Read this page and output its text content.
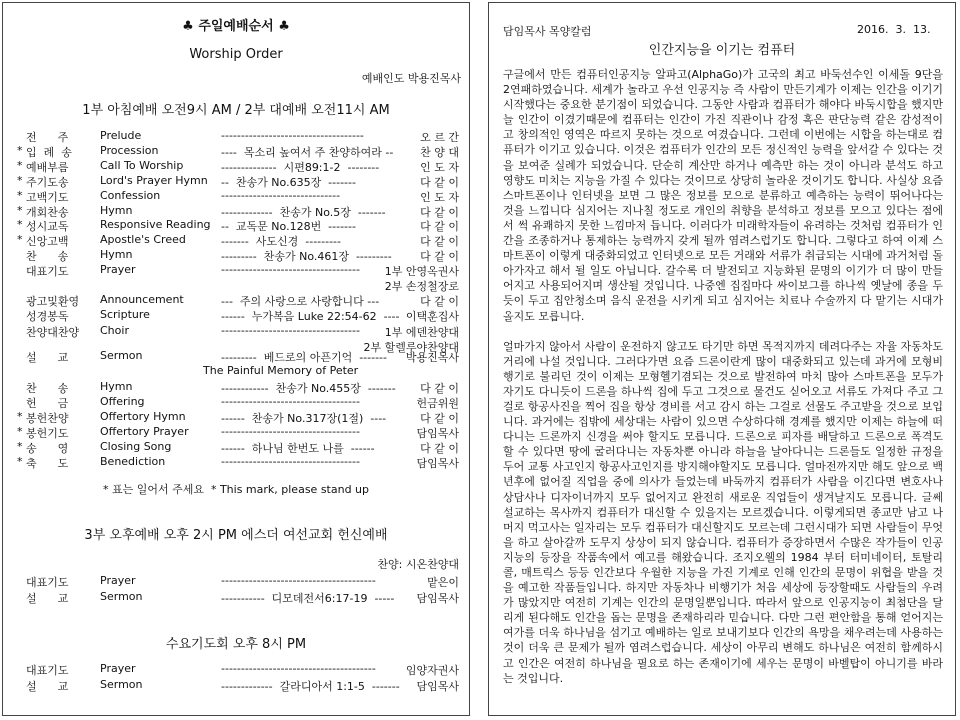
♣ 주일예배순서 ♣
Worship Order
예배인도 박용진목사
1부 아침예배 오전9시 AM / 2부 대예배 오전11시 AM
전      주	Prelude	------------------------------------	오 르 간
* 입  례  송	Procession	----  목소리 높여서 주 찬양하여라 -- 찬 양 대
* 예배부름	Call To Worship	--------------  시편89:1-2  --------	인 도 자
* 주기도송	Lord's Prayer Hymn --  찬송가 No.635장  -------	다 같 이
* 고백기도	Confession	------------------------------	인 도 자
* 개회찬송	Hymn	-------------  찬송가 No.5장  -------	다 같 이
* 성시교독	Responsive Reading --  교독문 No.128번  -------	다 같 이
* 신앙고백	Apostle's Creed	-------  사도신경  ---------	다 같 이
찬      송	Hymn	---------  찬송가 No.461장  ---------	다 같 이
대표기도	Prayer	----------------------------------- 1부 안영옥권사
2부 손정철장로
광고및환영 Announcement	---  주의 사랑으로 사랑합니다 ---	다 같 이
성경봉독	Scripture	------  누가복음 Luke 22:54-62  ---- 이택훈집사
찬양대찬양 Choir	----------------------------------- 1부 에덴찬양대
2부 할렐루야찬양대
설      교	Sermon	---------  베드로의 아픈기억  ------- 박용진목사
The Painful Memory of Peter
찬      송	Hymn	------------  찬송가 No.455장  ------- 다 같 이
헌      금	Offering	-----------------------------------	헌금위원
* 봉헌찬양	Offertory Hymn	------  찬송가 No.317장(1절)  ----	다 같 이
* 봉헌기도	Offertory Prayer	-----------------------------------	담임목사
* 송      영	Closing Song	------  하나님 한번도 나를  ------	다 같 이
* 축      도	Benediction	-----------------------------------	담임목사
* 표는 일어서 주세요  * This mark, please stand up
3부 오후예배 오후 2시 PM 에스더 여선교회 헌신예배
찬양: 시온찬양대
대표기도	Prayer	---------------------------------------	맡은이
설      교	Sermon	-----------  디모데전서6:17-19  ----- 담임목사
수요기도회 오후 8시 PM
대표기도	Prayer	---------------------------------------	임양자권사
설      교	Sermon	-------------  갈라디아서 1:1-5  ------- 담임목사
담임목사 목양칼럼	2016.  3.  13.
인간지능을 이기는 컴퓨터

구글에서 만든 컴퓨터인공지능 알파고(AlphaGo)가 고국의 최고 바둑선수인 이세돌 9단을 2연패하였습니다. 세계가 놀라고 우선 인공지능 즉 사람이 만든기계가 이제는 인간을 이기기 시작했다는 중요한 분기점이 되었습니다. 그동안 사람과 컴퓨터가 해야다 바둑시합을 했지만 늘 인간이 이겼기때문에 컴퓨터는 인간이 가진 직관이나 감정 혹은 판단능력 같은 감성적이고 창의적인 영역은 따르지 못하는 것으로 여겼습니다. 그런데 이번에는 시합을 하는대로 컴퓨터가 이기고 있습니다. 이것은 컴퓨터가 인간의 모든 정신적인 능력을 앞서갈 수 있다는 것을 보여준 실례가 되었습니다. 단순히 계산만 하거나 예측만 하는 것이 아니라 분석도 하고 영향도 미치는 지능을 가질 수 있다는 것이므로 상당히 놀라운 것이기도 합니다. 사실상 요즘 스마트폰이나 인터넷을 보면 그 많은 정보를 모으로 분류하고 예측하는 능력이 뛰어나다는 것을 느낍니다 심지어는 지나칠 정도로 개인의 취향을 분석하고 정보를 모으고 있다는 점에서 썩 유쾌하지 못한 느낌마저 듭니다. 이러다가 미래학자들이 유려하는 것처럼 컴퓨터가 인간을 조종하거나 통제하는 능력까지 갖게 될까 염려스럽기도 합니다. 그렇다고 하여 이제 스마트폰이 이렇게 대중화되었고 인터넷으로 모든 거래와 서류가 취급되는 시대에 과거처럼 돌아가자고 해서 될 일도 아닙니다. 갈수록 더 발전되고 지능화된 문명의 이기가 더 많이 만들어지고 사용되어지며 생산될 것입니다. 나중엔 집집마다 싸이보그를 하나씩 옛날에 종을 두듯이 두고 집안청소며 음식 운전을 시키게 되고 심지어는 치료나 수술까지 다 맡기는 시대가 올지도 모릅니다.

얼마가지 않아서 사람이 운전하지 않고도 타기만 하면 목적지까지 데려다주는 자율 자동차도 거리에 나설 것입니다. 그러다가면 요즘 드론이란게 많이 대중화되고 있는데 과거에 모형비행기로 불리던 것이 이제는 모형헬기겸되는 것으로 발전하여 마치 많아 스마트폰을 모두가 자기도 다니듯이 드론을 하나씩 집에 두고 그것으로 물건도 싣어오고 서류도 가져다 주고 그걸로 항공사진을 찍어 집을 항상 경비를 서고 감시 하는 그걸로 선물도 주고받을 것으로 보입니다. 과거에는 집밖에 세상대는 사람이 있으면 수상하다해 경계를 했지만 이제는 하늘에 떠다니는 드론까지 신경을 써야 할지도 모릅니다. 드론으로 피자를 배달하고 드론으로 폭격도 할 수 있다면 땅에 굴러다니는 자동차뿐 아니라 하늘을 날아다니는 드론들도 일정한 규정을 두어 교통 사고인지 항공사고인지를 방지해야할지도 모릅니다. 얼마전까지만 해도 앞으로 백년후에 없어질 직업을 중에 의사가 들었는데 바둑까지 컴퓨터가 사람을 이긴다면 변호사나 상담사나 디자이너까지 모두 없어지고 완전히 새로운 직업들이 생겨날지도 모릅니다. 글쎄 설교하는 목사까지 컴퓨터가 대신할 수 있을지는 모르겠습니다. 이렇게되면 종교만 남고 나머지 먹고사는 일자리는 모두 컴퓨터가 대신할지도 모르는데 그런시대가 되면 사람들이 무엇을 하고 살아갈까 도무지 상상이 되지 않습니다. 컴퓨터가 증장하면서 수많은 작가들이 인공지능의 등장을 작품속에서 예고를 해왔습니다. 조지오웰의 1984 부터 터미네이터, 토탈리콜, 매트릭스 등등 인간보다 우월한 지능을 가진 기계로 인해 인간의 문명이 위협을 받을 것을 예고한 작품들입니다. 하지만 자동차나 비행기가 처음 세상에 등장할때도 사람들의 우려가 많았지만 여전히 기계는 인간의 문명일뿐입니다. 따라서 앞으로 인공지능이 최첨단을 달리게 된다해도 인간을 돕는 문명을 존재하리라 믿습니다. 다만 그런 편안함을 통해 얻어지는 여가를 더욱 하나님을 섬기고 예배하는 일로 보내기보다 인간의 욕망을 채우려는데 사용하는 것이 더욱 큰 문제가 될까 염려스럽습니다. 세상이 아무리 변해도 하나님은 여전히 함께하시고 인간은 여전히 하나님을 필요로 하는 존재이기에 세우는 문명이 바벨탑이 아니기를 바라는 것입니다.
